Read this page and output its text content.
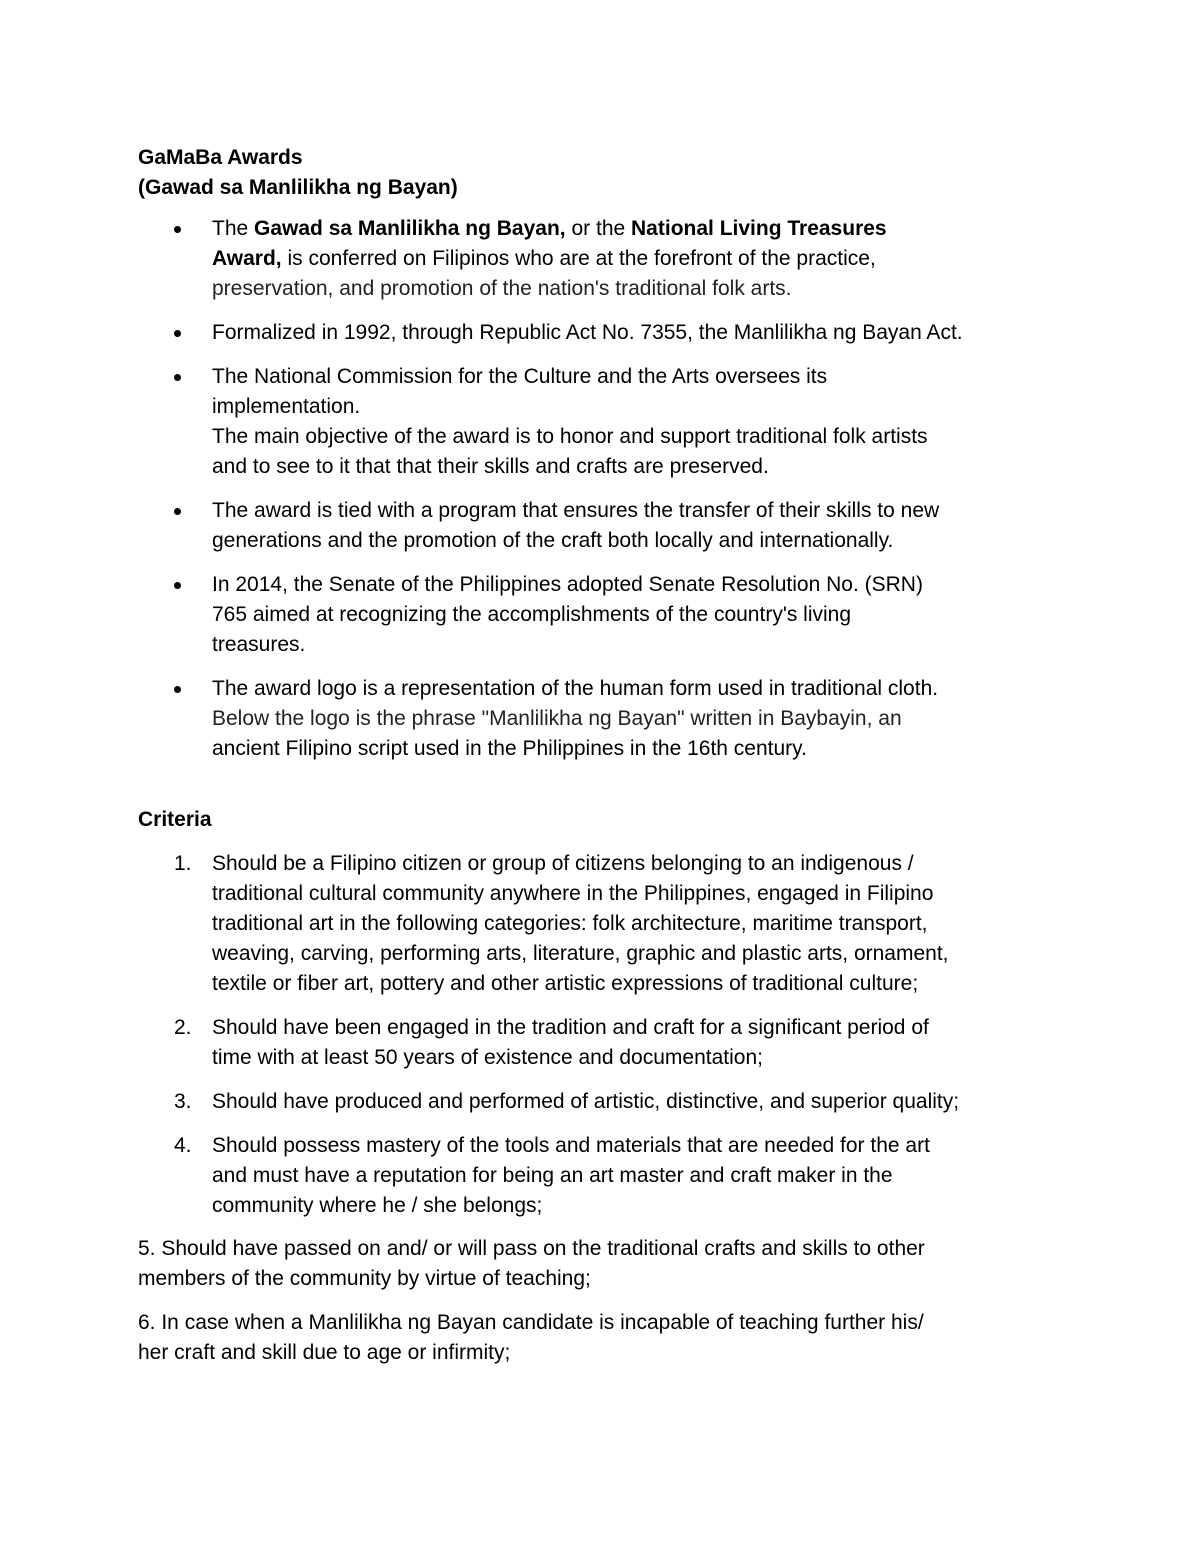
GaMaBa Awards
(Gawad sa Manlilikha ng Bayan)
The Gawad sa Manlilikha ng Bayan, or the National Living Treasures
Award, is conferred on Filipinos who are at the forefront of the practice,
preservation, and promotion of the nation's traditional folk arts.
Formalized in 1992, through Republic Act No. 7355, the Manlilikha ng Bayan Act.
The National Commission for the Culture and the Arts oversees its
implementation.
The main objective of the award is to honor and support traditional folk artists
and to see to it that that their skills and crafts are preserved.
The award is tied with a program that ensures the transfer of their skills to new
generations and the promotion of the craft both locally and internationally.
In 2014, the Senate of the Philippines adopted Senate Resolution No. (SRN)
765 aimed at recognizing the accomplishments of the country's living
treasures.
The award logo is a representation of the human form used in traditional cloth.
Below the logo is the phrase "Manlilikha ng Bayan" written in Baybayin, an
ancient Filipino script used in the Philippines in the 16th century.
Criteria
1. Should be a Filipino citizen or group of citizens belonging to an indigenous /
traditional cultural community anywhere in the Philippines, engaged in Filipino
traditional art in the following categories: folk architecture, maritime transport,
weaving, carving, performing arts, literature, graphic and plastic arts, ornament,
textile or fiber art, pottery and other artistic expressions of traditional culture;
2. Should have been engaged in the tradition and craft for a significant period of
time with at least 50 years of existence and documentation;
3. Should have produced and performed of artistic, distinctive, and superior quality;
4. Should possess mastery of the tools and materials that are needed for the art
and must have a reputation for being an art master and craft maker in the
community where he / she belongs;
5. Should have passed on and/ or will pass on the traditional crafts and skills to other
members of the community by virtue of teaching;
6. In case when a Manlilikha ng Bayan candidate is incapable of teaching further his/
her craft and skill due to age or infirmity;
